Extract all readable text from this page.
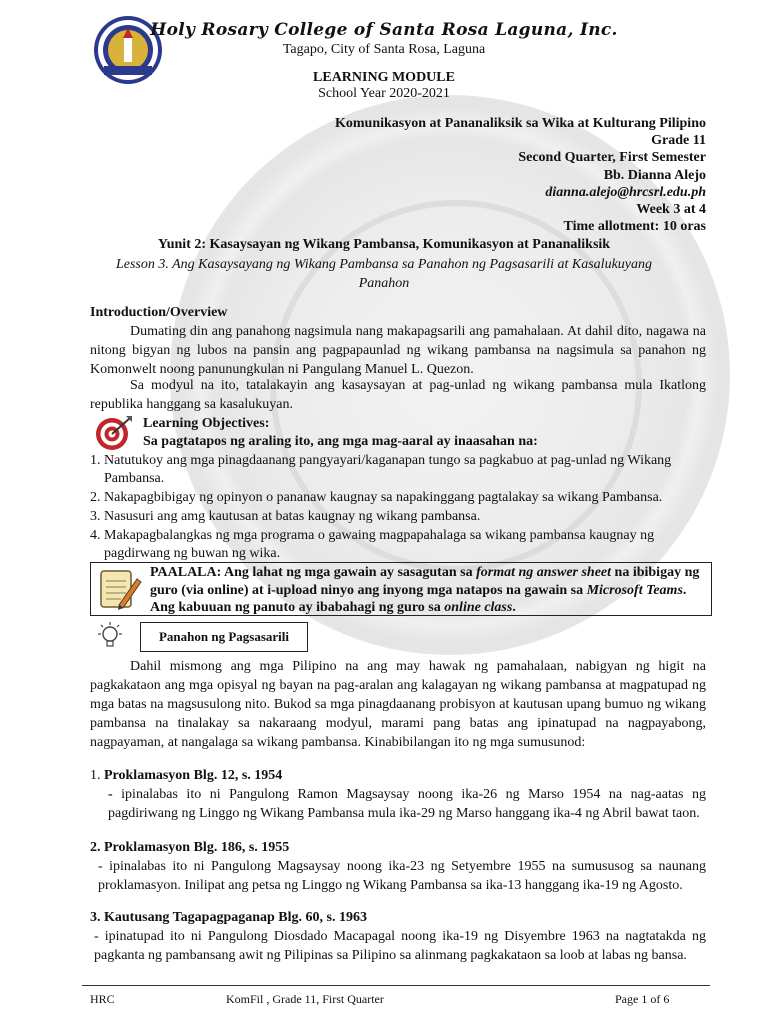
Holy Rosary College of Santa Rosa Laguna, Inc.
Tagapo, City of Santa Rosa, Laguna
LEARNING MODULE
School Year 2020-2021
Komunikasyon at Pananaliksik sa Wika at Kulturang Pilipino
Grade 11
Second Quarter, First Semester
Bb. Dianna Alejo
dianna.alejo@hrcsrl.edu.ph
Week 3 at 4
Time allotment: 10 oras
Yunit 2: Kasaysayan ng Wikang Pambansa, Komunikasyon at Pananaliksik
Lesson 3. Ang Kasaysayang ng Wikang Pambansa sa Panahon ng Pagsasarili at Kasalukuyang
Panahon
Introduction/Overview
Dumating din ang panahong nagsimula nang makapagsarili ang pamahalaan. At dahil dito, nagawa na nitong bigyan ng lubos na pansin ang pagpapaunlad ng wikang pambansa na nagsimula sa panahon ng Komonwelt noong panunungkulan ni Pangulang Manuel L. Quezon.
Sa modyul na ito, tatalakayin ang kasaysayan at pag-unlad ng wikang pambansa mula Ikatlong republika hanggang sa kasalukuyan.
Learning Objectives:
Sa pagtatapos ng araling ito, ang mga mag-aaral ay inaasahan na:
1. Natutukoy ang mga pinagdaanang pangyayari/kaganapan tungo sa pagkabuo at pag-unlad ng Wikang Pambansa.
2. Nakapagbibigay ng opinyon o pananaw kaugnay sa napakinggang pagtalakay sa wikang Pambansa.
3. Nasusuri ang amg kautusan at batas kaugnay ng wikang pambansa.
4. Makapagbalangkas ng mga programa o gawaing magpapahalaga sa wikang pambansa kaugnay ng pagdirwang ng buwan ng wika.
PAALALA: Ang lahat ng mga gawain ay sasagutan sa format ng answer sheet na ibibigay ng guro (via online) at i-upload ninyo ang inyong mga natapos na gawain sa Microsoft Teams. Ang kabuuan ng panuto ay ibabahagi ng guro sa online class.
Panahon ng Pagsasarili
Dahil mismong ang mga Pilipino na ang may hawak ng pamahalaan, nabigyan ng higit na pagkakataon ang mga opisyal ng bayan na pag-aralan ang kalagayan ng wikang pambansa at magpatupad ng mga batas na magsusulong nito. Bukod sa mga pinagdaanang probisyon at kautusan upang bumuo ng wikang pambansa na tinalakay sa nakaraang modyul, marami pang batas ang ipinatupad na nagpayabong, nagpayaman, at nangalaga sa wikang pambansa. Kinabibilangan ito ng mga sumusunod:
1. Proklamasyon Blg. 12, s. 1954
- ipinalabas ito ni Pangulong Ramon Magsaysay noong ika-26 ng Marso 1954 na nag-aatas ng pagdiriwang ng Linggo ng Wikang Pambansa mula ika-29 ng Marso hanggang ika-4 ng Abril bawat taon.
2. Proklamasyon Blg. 186, s. 1955
- ipinalabas ito ni Pangulong Magsaysay noong ika-23 ng Setyembre 1955 na sumususog sa naunang proklamasyon. Inilipat ang petsa ng Linggo ng Wikang Pambansa sa ika-13 hanggang ika-19 ng Agosto.
3. Kautusang Tagapagpaganap Blg. 60, s. 1963
- ipinatupad ito ni Pangulong Diosdado Macapagal noong ika-19 ng Disyembre 1963 na nagtatakda ng pagkanta ng pambansang awit ng Pilipinas sa Pilipino sa alinmang pagkakataon sa loob at labas ng bansa.
HRC	KomFil , Grade 11, First Quarter	Page 1 of 6
